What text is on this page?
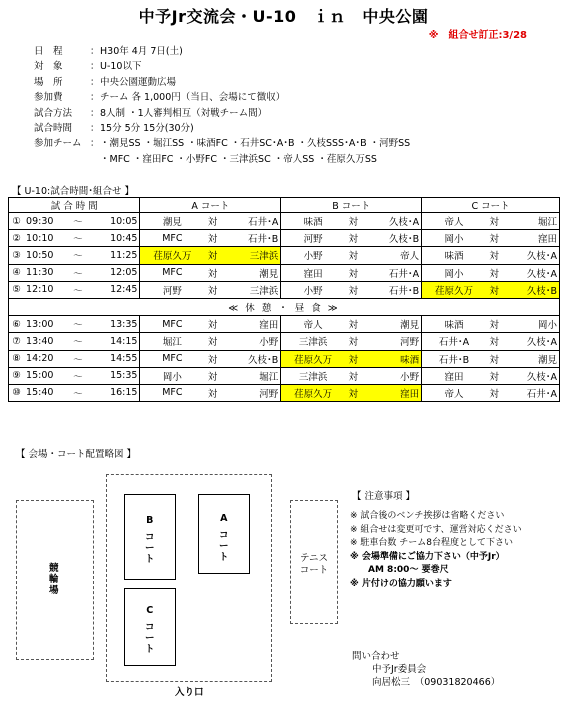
中予Jr交流会・U-10　ｉｎ　中央公園
※　組合せ訂正:3/28
日　程	： H30年 4月 7日(土)
対　象	： U-10以下
場　所	： 中央公園運動広場
参加費	： チーム 各 1,000円（当日、会場にて徴収）
試合方法	： 8人制 ・1人審判相互（対戦チーム間）
試合時間	： 15分 5分 15分(30分)
参加チーム ： ・潮見SS ・堀江SS ・味酒FC ・石井SC･A･B ・久枝SSS･A･B ・河野SS
・MFC ・窪田FC ・小野FC ・三津浜SC ・帝人SS ・荏原久万SS
【 U-10:試合時間･組合せ 】
試 合 時 間				A コート			B コート			C コート		
①	09:30	～	10:05	潮見	対	石井･A	味酒	対	久枝･A	帝人	対	堀江
②	10:10	～	10:45	MFC	対	石井･B	河野	対	久枝･B	岡小	対	窪田
③	10:50	～	11:25	荏原久万	対	三津浜	小野	対	帝人	味酒	対	久枝･A
④	11:30	～	12:05	MFC	対	潮見	窪田	対	石井･A	岡小	対	久枝･A
⑤	12:10	～	12:45	河野	対	三津浜	小野	対	石井･B	荏原久万	対	久枝･B
≪ 休 憩 ・ 昼 食 ≫												
⑥	13:00	～	13:35	MFC	対	窪田	帝人	対	潮見	味酒	対	岡小
⑦	13:40	～	14:15	堀江	対	小野	三津浜	対	河野	石井･A	対	久枝･A
⑧	14:20	～	14:55	MFC	対	久枝･B	荏原久万	対	味酒	石井･B	対	潮見
⑨	15:00	～	15:35	岡小	対	堀江	三津浜	対	小野	窪田	対	久枝･A
⑩	15:40	～	16:15	MFC	対	河野	荏原久万	対	窪田	帝人	対	石井･A
【 会場・コート配置略図 】
B
コ
ー
ト
A
コ
ー
ト
C
コ
ー
ト
競
輪
場
テニス
コート
入り口
【 注意事項 】
※ 試合後のベンチ挨拶は省略ください
※ 組合せは変更可です、運営対応ください
※ 駐車台数 チーム8台程度として下さい
※ 会場準備にご協力下さい（中予Jr）
　　AM 8:00～ 要巻尺
※ 片付けの協力願います
問い合わせ
中予Jr委員会
向居松三　（09031820466）
